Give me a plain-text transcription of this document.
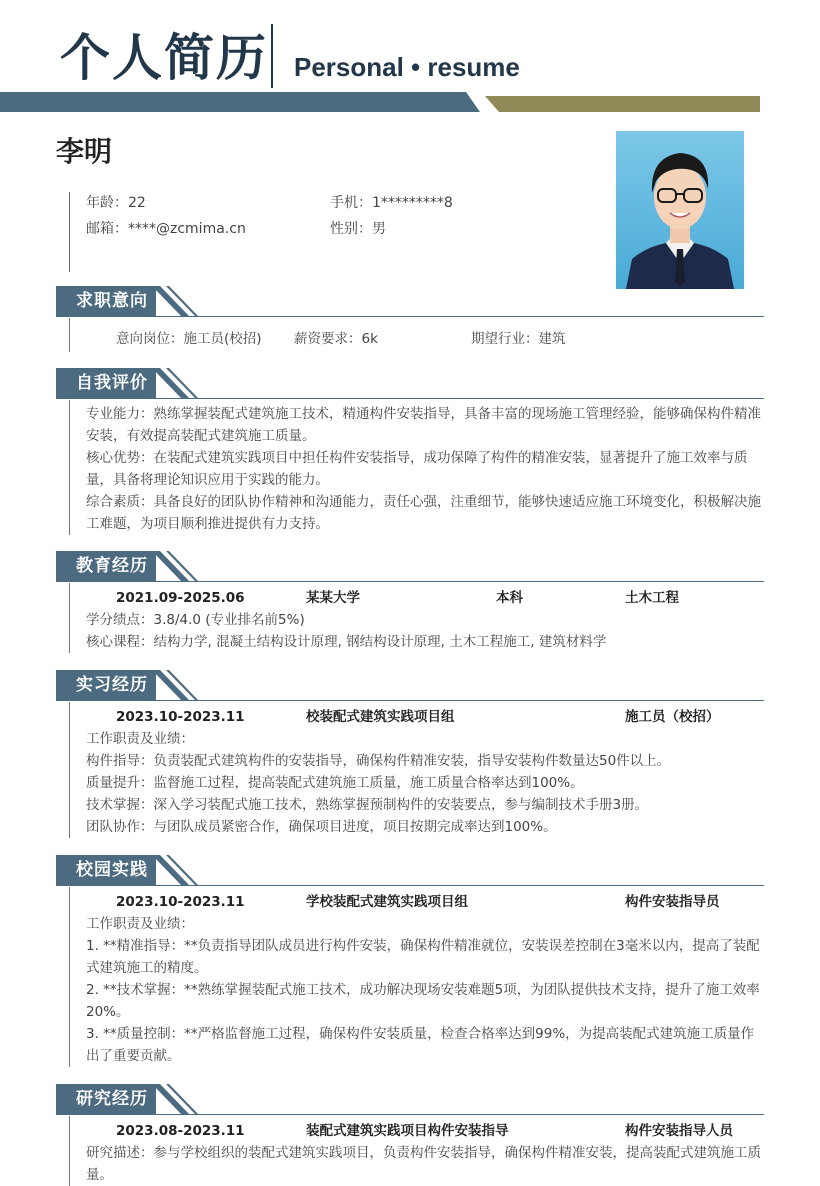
个人简历 Personal • resume
李明
年龄：22	手机：1*********8
邮箱：****@zcmima.cn	性别：男
求职意向
意向岗位：施工员(校招) 薪资要求：6k	期望行业：建筑
自我评价

专业能力：熟练掌握装配式建筑施工技术，精通构件安装指导，具备丰富的现场施工管理经验，能够确保构件精准安装，有效提高装配式建筑施工质量。

核心优势：在装配式建筑实践项目中担任构件安装指导，成功保障了构件的精准安装，显著提升了施工效率与质量，具备将理论知识应用于实践的能力。

综合素质：具备良好的团队协作精神和沟通能力，责任心强，注重细节，能够快速适应施工环境变化，积极解决施工难题，为项目顺利推进提供有力支持。

教育经历
2021.09-2025.06	某某大学	本科	土木工程

学分绩点：3.8/4.0 (专业排名前5%)

核心课程：结构力学, 混凝土结构设计原理, 钢结构设计原理, 土木工程施工, 建筑材料学

实习经历
2023.10-2023.11	校装配式建筑实践项目组	施工员（校招）

工作职责及业绩：

构件指导：负责装配式建筑构件的安装指导，确保构件精准安装，指导安装构件数量达50件以上。

质量提升：监督施工过程，提高装配式建筑施工质量，施工质量合格率达到100%。

技术掌握：深入学习装配式施工技术，熟练掌握预制构件的安装要点，参与编制技术手册3册。

团队协作：与团队成员紧密合作，确保项目进度，项目按期完成率达到100%。

校园实践
2023.10-2023.11	学校装配式建筑实践项目组	构件安装指导员

工作职责及业绩：

1. **精准指导：**负责指导团队成员进行构件安装，确保构件精准就位，安装误差控制在3毫米以内，提高了装配式建筑施工的精度。

2. **技术掌握：**熟练掌握装配式施工技术，成功解决现场安装难题5项，为团队提供技术支持，提升了施工效率20%。

3. **质量控制：**严格监督施工过程，确保构件安装质量，检查合格率达到99%，为提高装配式建筑施工质量作出了重要贡献。

研究经历
2023.08-2023.11	装配式建筑实践项目构件安装指导	构件安装指导人员

研究描述：参与学校组织的装配式建筑实践项目，负责构件安装指导，确保构件精准安装，提高装配式建筑施工质量。
